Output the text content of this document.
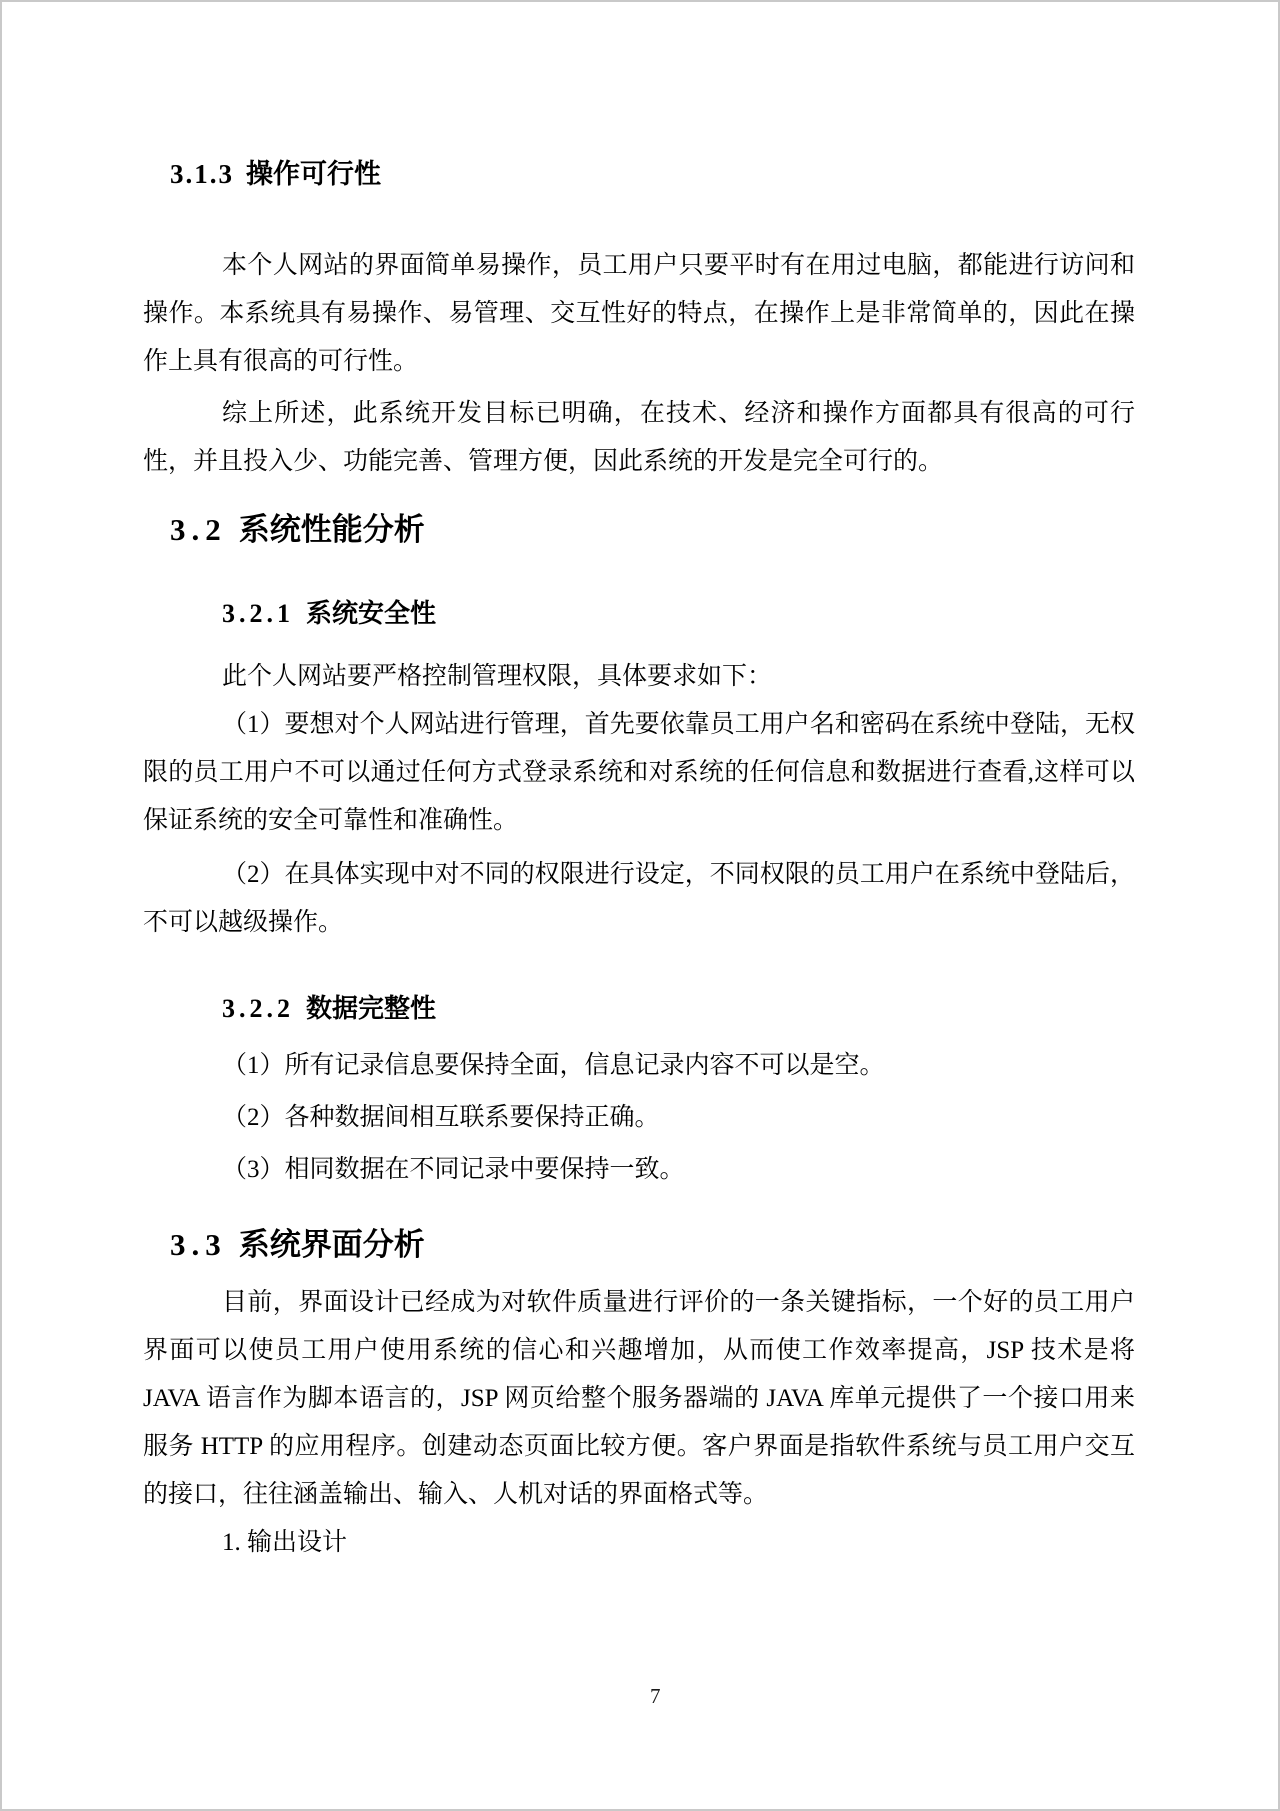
3.1.3 操作可行性
本个人网站的界面简单易操作，员工用户只要平时有在用过电脑，都能进行访问和操作。本系统具有易操作、易管理、交互性好的特点，在操作上是非常简单的，因此在操作上具有很高的可行性。
综上所述，此系统开发目标已明确，在技术、经济和操作方面都具有很高的可行性，并且投入少、功能完善、管理方便，因此系统的开发是完全可行的。
3.2 系统性能分析
3.2.1 系统安全性
此个人网站要严格控制管理权限，具体要求如下：
（1）要想对个人网站进行管理，首先要依靠员工用户名和密码在系统中登陆，无权限的员工用户不可以通过任何方式登录系统和对系统的任何信息和数据进行查看,这样可以保证系统的安全可靠性和准确性。
（2）在具体实现中对不同的权限进行设定，不同权限的员工用户在系统中登陆后，不可以越级操作。
3.2.2 数据完整性
（1）所有记录信息要保持全面，信息记录内容不可以是空。
（2）各种数据间相互联系要保持正确。
（3）相同数据在不同记录中要保持一致。
3.3 系统界面分析
目前，界面设计已经成为对软件质量进行评价的一条关键指标，一个好的员工用户界面可以使员工用户使用系统的信心和兴趣增加，从而使工作效率提高，JSP 技术是将 JAVA 语言作为脚本语言的，JSP 网页给整个服务器端的 JAVA 库单元提供了一个接口用来服务 HTTP 的应用程序。创建动态页面比较方便。客户界面是指软件系统与员工用户交互的接口，往往涵盖输出、输入、人机对话的界面格式等。
1. 输出设计
7
